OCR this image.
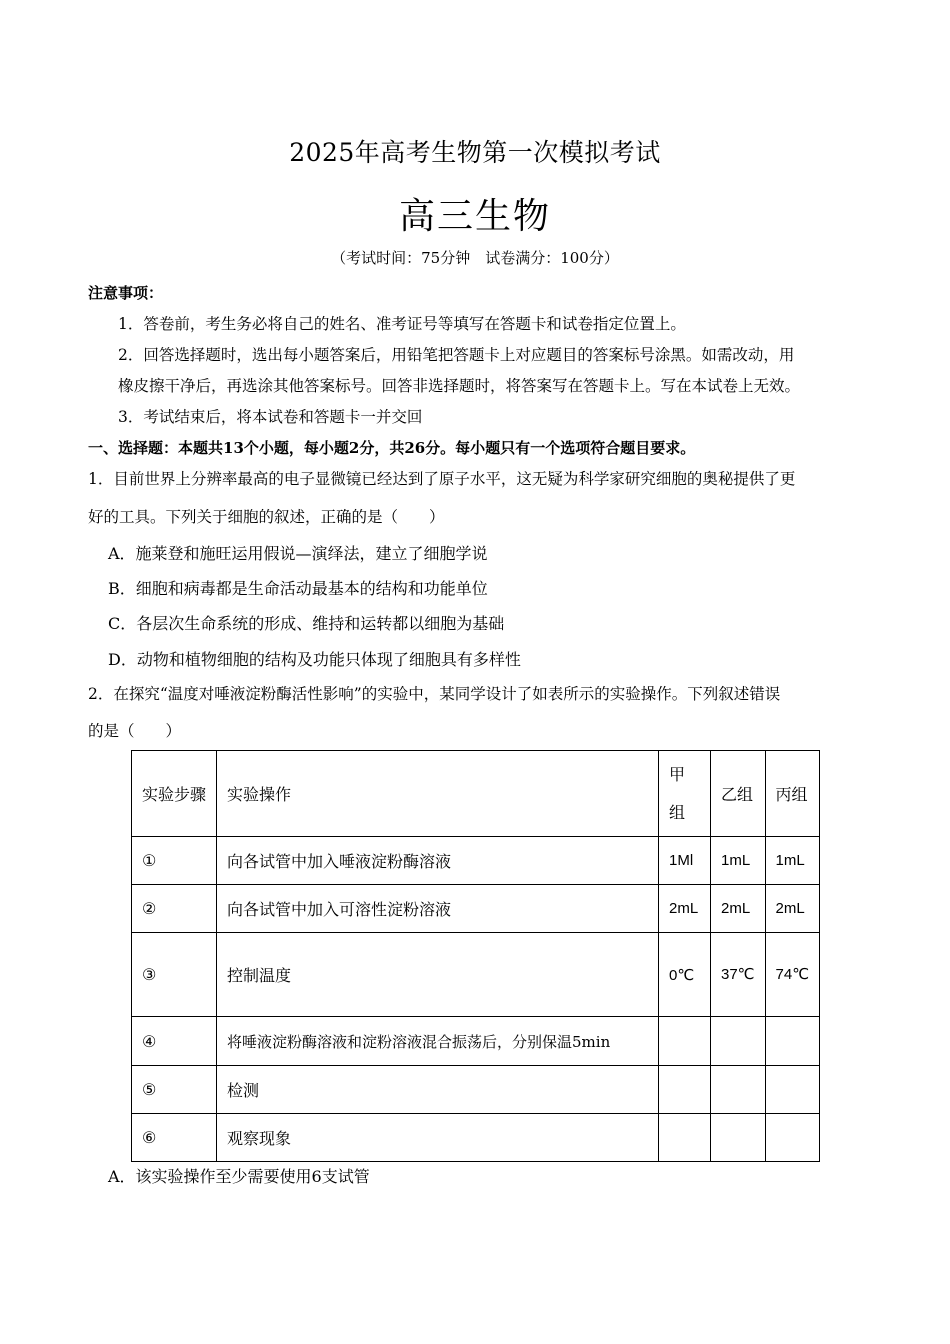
2025年高考生物第一次模拟考试
高三生物
（考试时间：75分钟　试卷满分：100分）
注意事项：
1．答卷前，考生务必将自己的姓名、准考证号等填写在答题卡和试卷指定位置上。
2．回答选择题时，选出每小题答案后，用铅笔把答题卡上对应题目的答案标号涂黑。如需改动，用
橡皮擦干净后，再选涂其他答案标号。回答非选择题时，将答案写在答题卡上。写在本试卷上无效。
3．考试结束后，将本试卷和答题卡一并交回
一、选择题：本题共13个小题，每小题2分，共26分。每小题只有一个选项符合题目要求。
1．目前世界上分辨率最高的电子显微镜已经达到了原子水平，这无疑为科学家研究细胞的奥秘提供了更
好的工具。下列关于细胞的叙述，正确的是（　　）
A．施莱登和施旺运用假说—演绎法，建立了细胞学说
B．细胞和病毒都是生命活动最基本的结构和功能单位
C．各层次生命系统的形成、维持和运转都以细胞为基础
D．动物和植物细胞的结构及功能只体现了细胞具有多样性
2．在探究“温度对唾液淀粉酶活性影响”的实验中，某同学设计了如表所示的实验操作。下列叙述错误
的是（　　）
实验步骤	实验操作	甲组	乙组	丙组
①	向各试管中加入唾液淀粉酶溶液	1Ml	1mL	1mL
②	向各试管中加入可溶性淀粉溶液	2mL	2mL	2mL
③	控制温度	0℃	37℃	74℃
④	将唾液淀粉酶溶液和淀粉溶液混合振荡后，分别保温5min			
⑤	检测			
⑥	观察现象			
A．该实验操作至少需要使用6支试管
